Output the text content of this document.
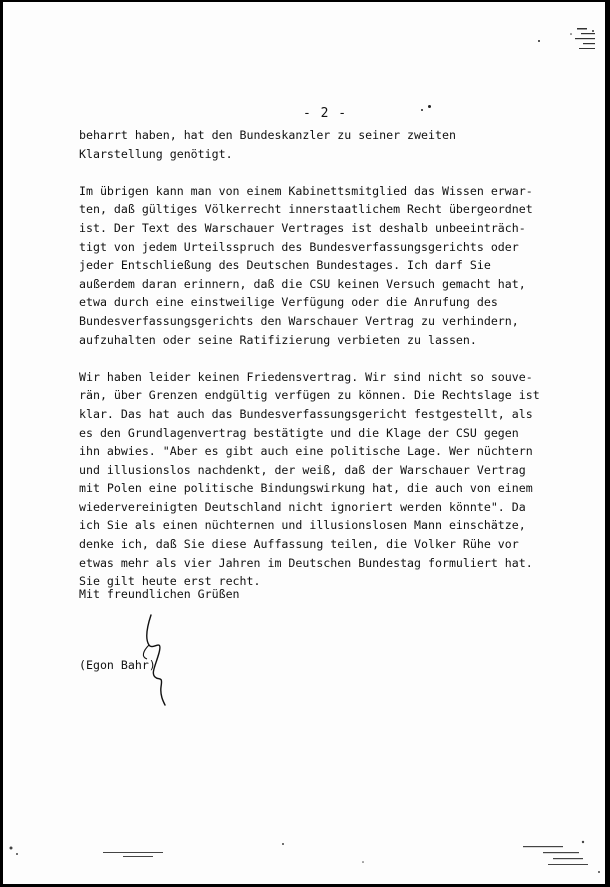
- 2 -
beharrt haben, hat den Bundeskanzler zu seiner zweiten
Klarstellung genötigt.
Im übrigen kann man von einem Kabinettsmitglied das Wissen erwar-
ten, daß gültiges Völkerrecht innerstaatlichem Recht übergeordnet
ist. Der Text des Warschauer Vertrages ist deshalb unbeeinträch-
tigt von jedem Urteilsspruch des Bundesverfassungsgerichts oder
jeder Entschließung des Deutschen Bundestages. Ich darf Sie
außerdem daran erinnern, daß die CSU keinen Versuch gemacht hat,
etwa durch eine einstweilige Verfügung oder die Anrufung des
Bundesverfassungsgerichts den Warschauer Vertrag zu verhindern,
aufzuhalten oder seine Ratifizierung verbieten zu lassen.
Wir haben leider keinen Friedensvertrag. Wir sind nicht so souve-
rän, über Grenzen endgültig verfügen zu können. Die Rechtslage ist
klar. Das hat auch das Bundesverfassungsgericht festgestellt, als
es den Grundlagenvertrag bestätigte und die Klage der CSU gegen
ihn abwies. "Aber es gibt auch eine politische Lage. Wer nüchtern
und illusionslos nachdenkt, der weiß, daß der Warschauer Vertrag
mit Polen eine politische Bindungswirkung hat, die auch von einem
wiedervereinigten Deutschland nicht ignoriert werden könnte". Da
ich Sie als einen nüchternen und illusionslosen Mann einschätze,
denke ich, daß Sie diese Auffassung teilen, die Volker Rühe vor
etwas mehr als vier Jahren im Deutschen Bundestag formuliert hat.
Sie gilt heute erst recht.
Mit freundlichen Grüßen
(Egon Bahr)
